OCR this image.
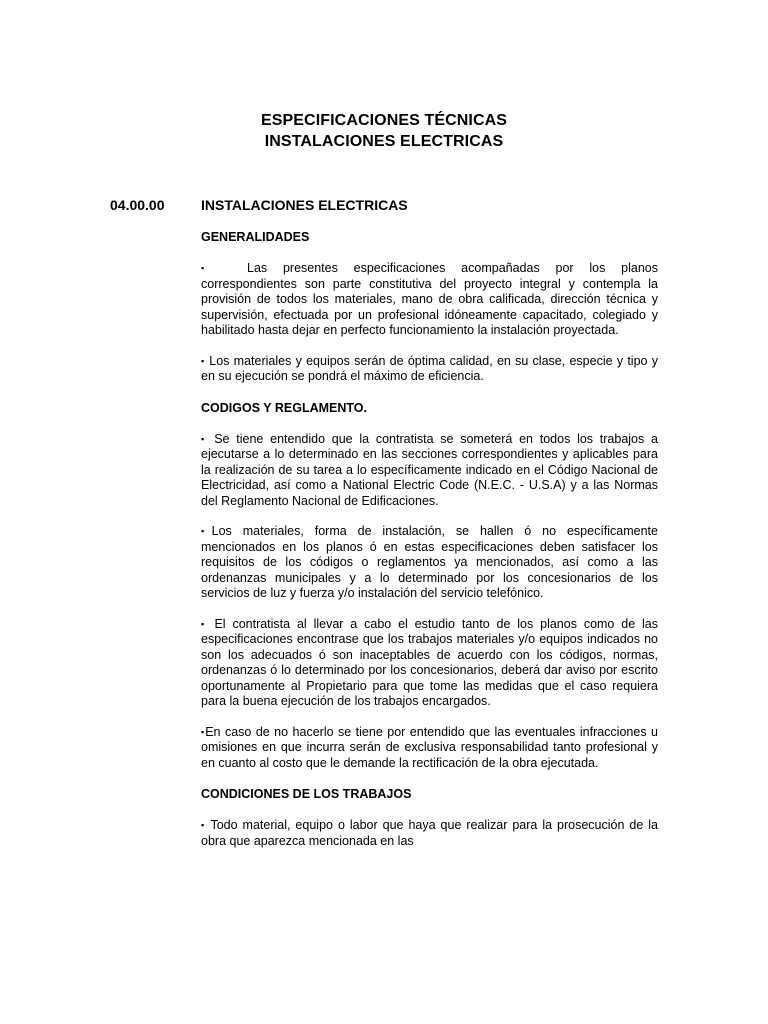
ESPECIFICACIONES TÉCNICAS
INSTALACIONES ELECTRICAS
04.00.00	INSTALACIONES ELECTRICAS

GENERALIDADES

▪	Las presentes especificaciones acompañadas por los planos correspondientes son parte constitutiva del proyecto integral y contempla la provisión de todos los materiales, mano de obra calificada, dirección técnica y supervisión, efectuada por un profesional idóneamente capacitado, colegiado y habilitado hasta dejar en perfecto funcionamiento la instalación proyectada.

▪ Los materiales y equipos serán de óptima calidad, en su clase, especie y tipo y en su ejecución se pondrá el máximo de eficiencia.

CODIGOS Y REGLAMENTO.

▪ Se tiene entendido que la contratista se someterá en todos los trabajos a ejecutarse a lo determinado en las secciones correspondientes y aplicables para la realización de su tarea a lo específicamente indicado en el Código Nacional de Electricidad, así como a National Electric Code (N.E.C. - U.S.A) y a las Normas del Reglamento Nacional de Edificaciones.

▪Los materiales, forma de instalación, se hallen ó no específicamente mencionados en los planos ó en estas especificaciones deben satisfacer los requisitos de los códigos o reglamentos ya mencionados, así como a las ordenanzas municipales y a lo determinado por los concesionarios de los servicios de luz y fuerza y/o instalación del servicio telefónico.

▪ El contratista al llevar a cabo el estudio tanto de los planos como de las especificaciones encontrase que los trabajos materiales y/o equipos indicados no son los adecuados ó son inaceptables de acuerdo con los códigos, normas, ordenanzas ó lo determinado por los concesionarios, deberá dar aviso por escrito oportunamente al Propietario para que tome las medidas que el caso requiera para la buena ejecución de los trabajos encargados.

▪En caso de no hacerlo se tiene por entendido que las eventuales infracciones u omisiones en que incurra serán de exclusiva responsabilidad tanto profesional y en cuanto al costo que le demande la rectificación de la obra ejecutada.

CONDICIONES DE LOS TRABAJOS

▪ Todo material, equipo o labor que haya que realizar para la prosecución de la obra que aparezca mencionada en las
